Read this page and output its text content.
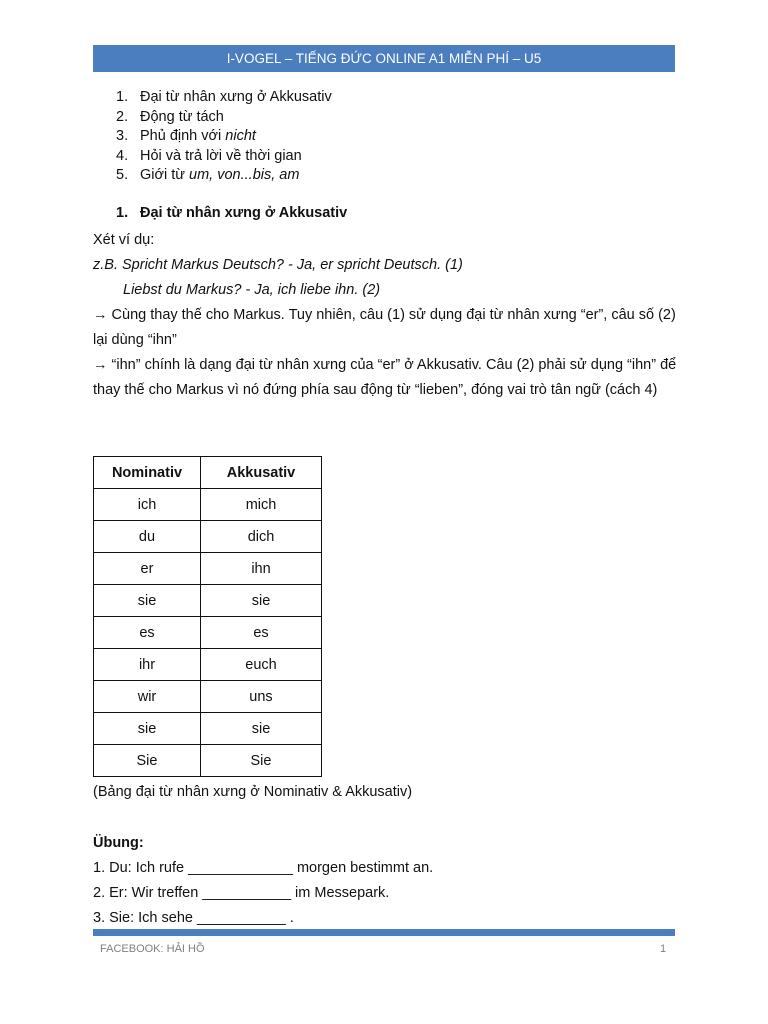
I-VOGEL – TIẾNG ĐỨC ONLINE A1 MIỄN PHÍ – U5
1. Đại từ nhân xưng ở Akkusativ
2. Động từ tách
3. Phủ định với nicht
4. Hỏi và trả lời về thời gian
5. Giới từ um, von...bis, am
1. Đại từ nhân xưng ở Akkusativ

Xét ví dụ:

z.B. Spricht Markus Deutsch? - Ja, er spricht Deutsch. (1)

Liebst du Markus? - Ja, ich liebe ihn. (2)

→ Cùng thay thế cho Markus. Tuy nhiên, câu (1) sử dụng đại từ nhân xưng “er”, câu số (2) lại dùng “ihn”

→ “ihn” chính là dạng đại từ nhân xưng của “er” ở Akkusativ. Câu (2) phải sử dụng “ihn” để thay thế cho Markus vì nó đứng phía sau động từ “lieben”, đóng vai trò tân ngữ (cách 4)

Nominativ	Akkusativ
ich	mich
du	dich
er	ihn
sie	sie
es	es
ihr	euch
wir	uns
sie	sie
Sie	Sie
(Bảng đại từ nhân xưng ở Nominativ & Akkusativ)
Übung:

1. Du: Ich rufe _____________ morgen bestimmt an.

2. Er: Wir treffen ___________ im Messepark.

3. Sie: Ich sehe ___________ .

FACEBOOK: HẢI HỒ	1
